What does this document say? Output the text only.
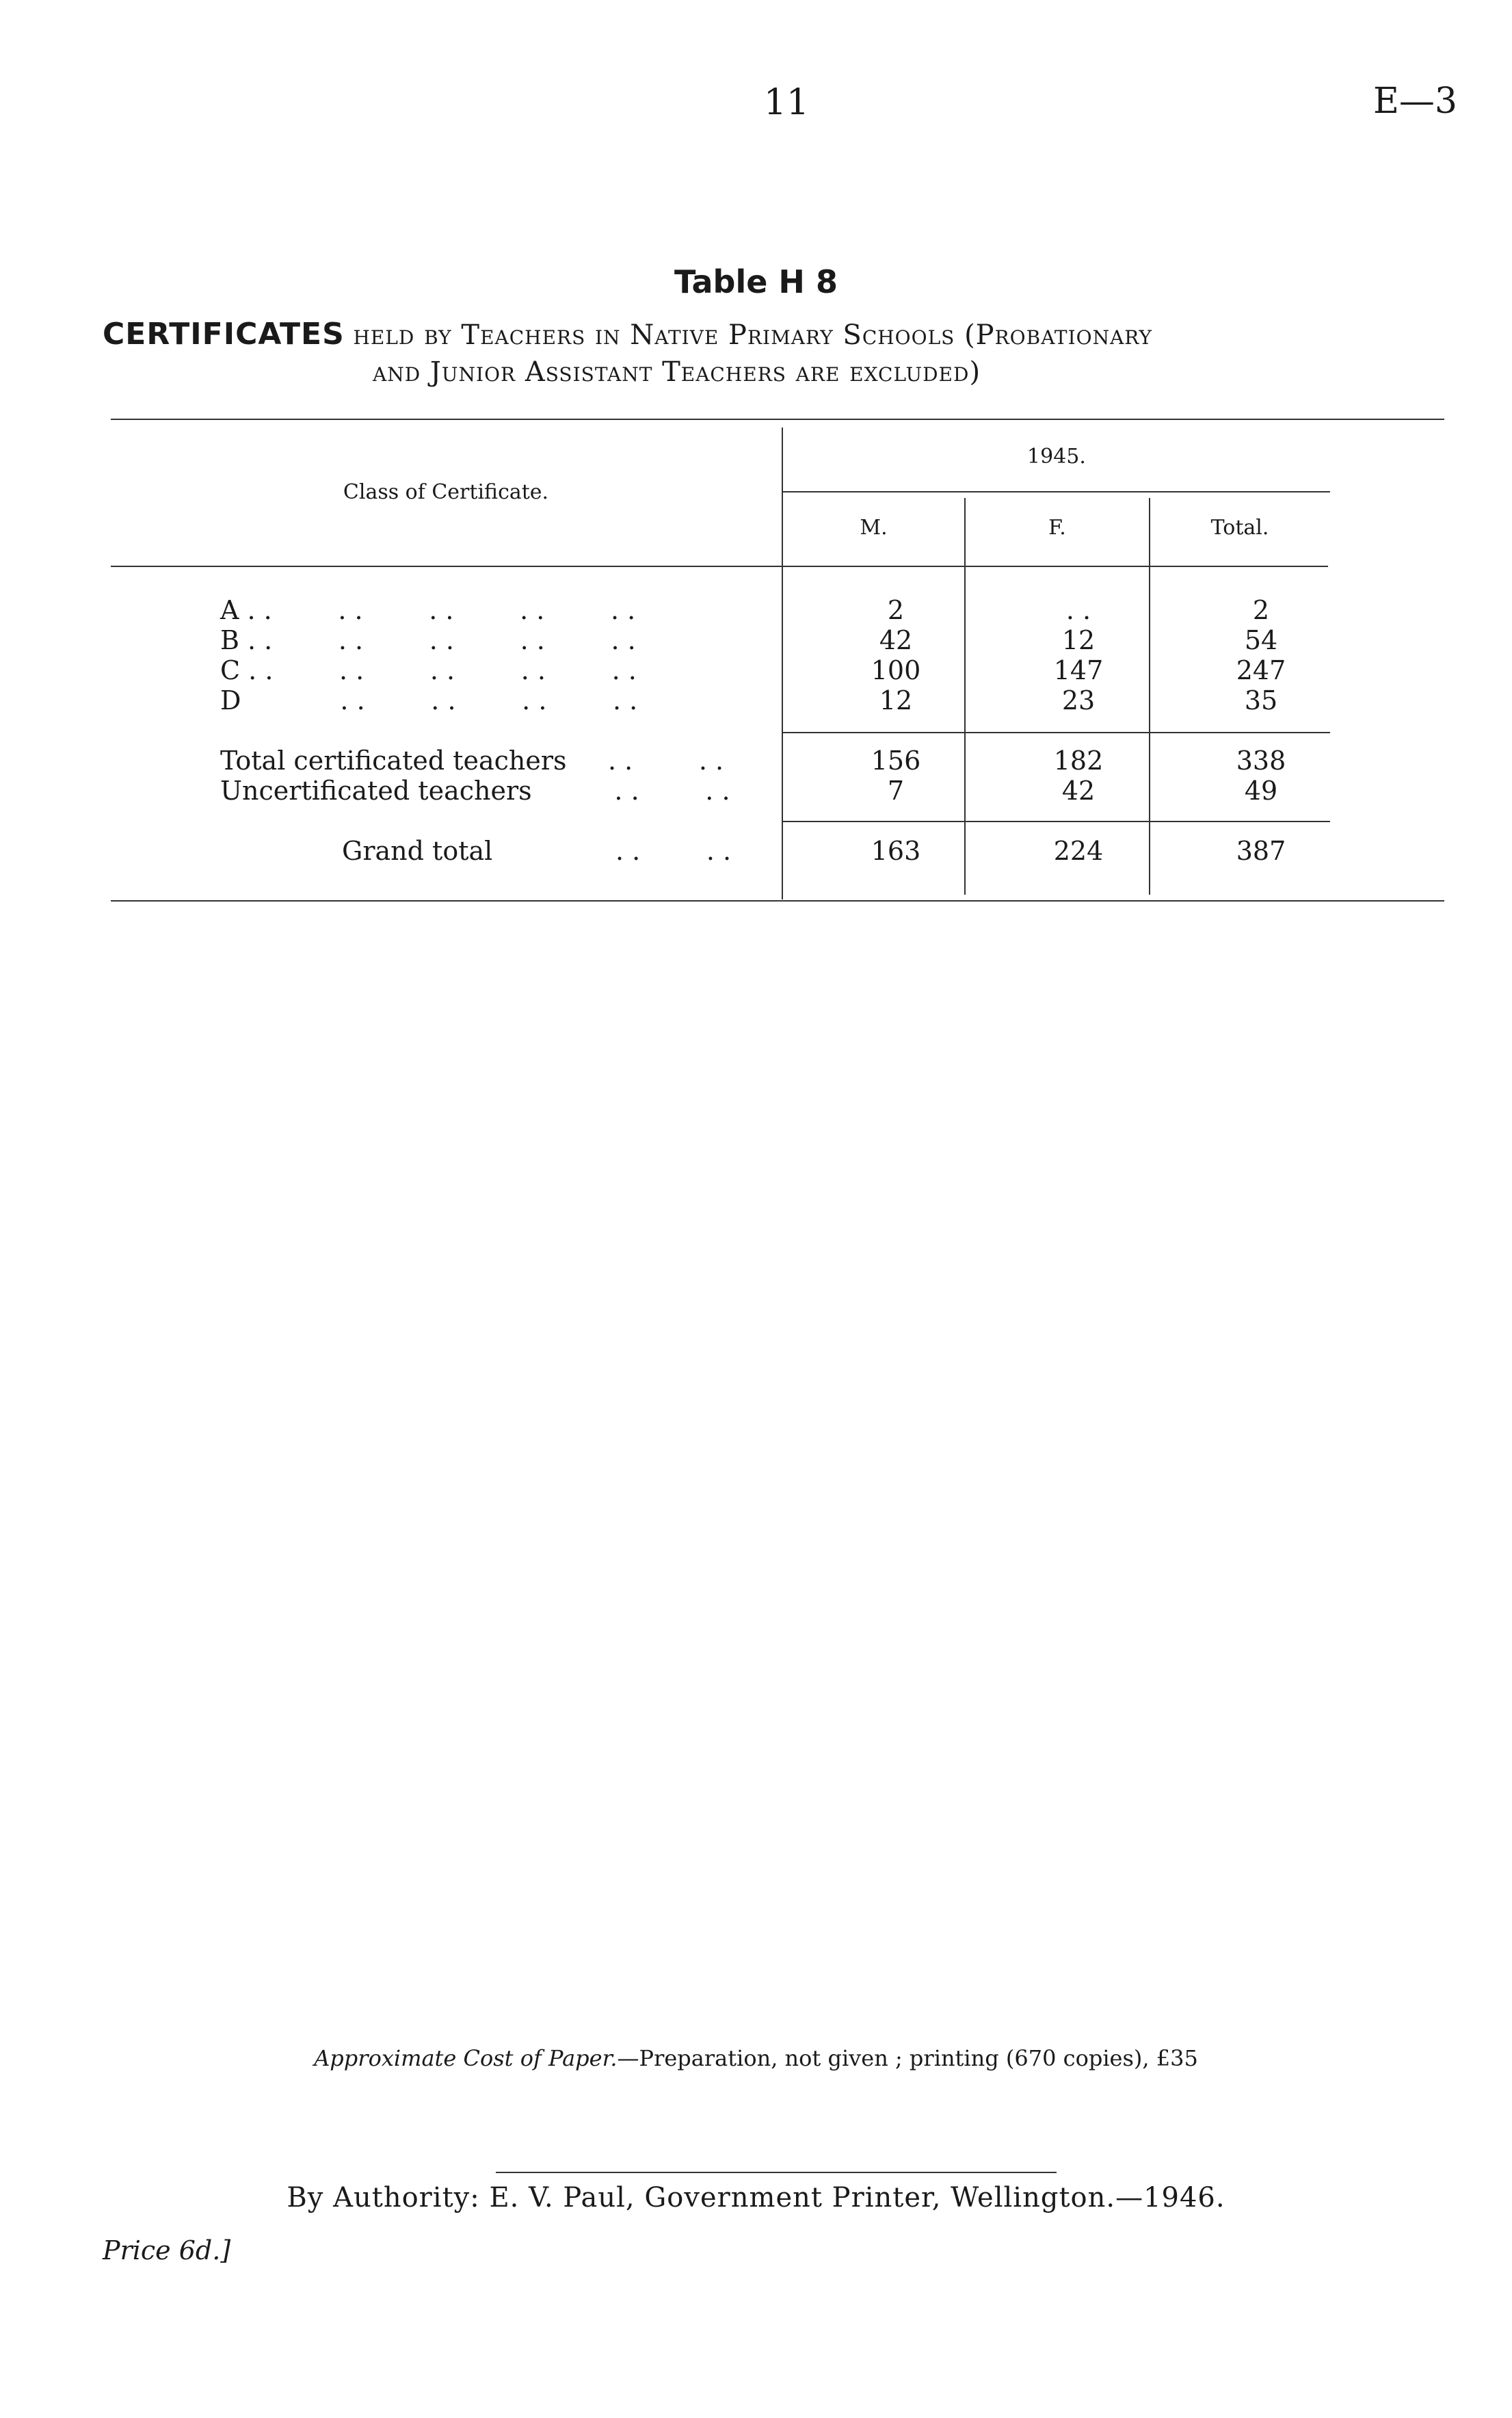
11	E—3
Table H 8
CERTIFICATES held by Teachers in Native Primary Schools (Probationary
and Junior Assistant Teachers are excluded)
Class of Certificate.
1945.
M.	F.	Total.
A . .        . .        . .        . .        . .	2	. .	2
B . .        . .        . .        . .        . .	42	12	54
C . .        . .        . .        . .        . .	100	147	247
D            . .        . .        . .        . .	12	23	35
Total certificated teachers     . .        . .	156	182	338
Uncertificated teachers          . .        . .	7	42	49
Grand total	. .        . .	163	224	387
Approximate Cost of Paper.—Preparation, not given ; printing (670 copies), £35
By Authority: E. V. Paul, Government Printer, Wellington.—1946.
Price 6d.]
